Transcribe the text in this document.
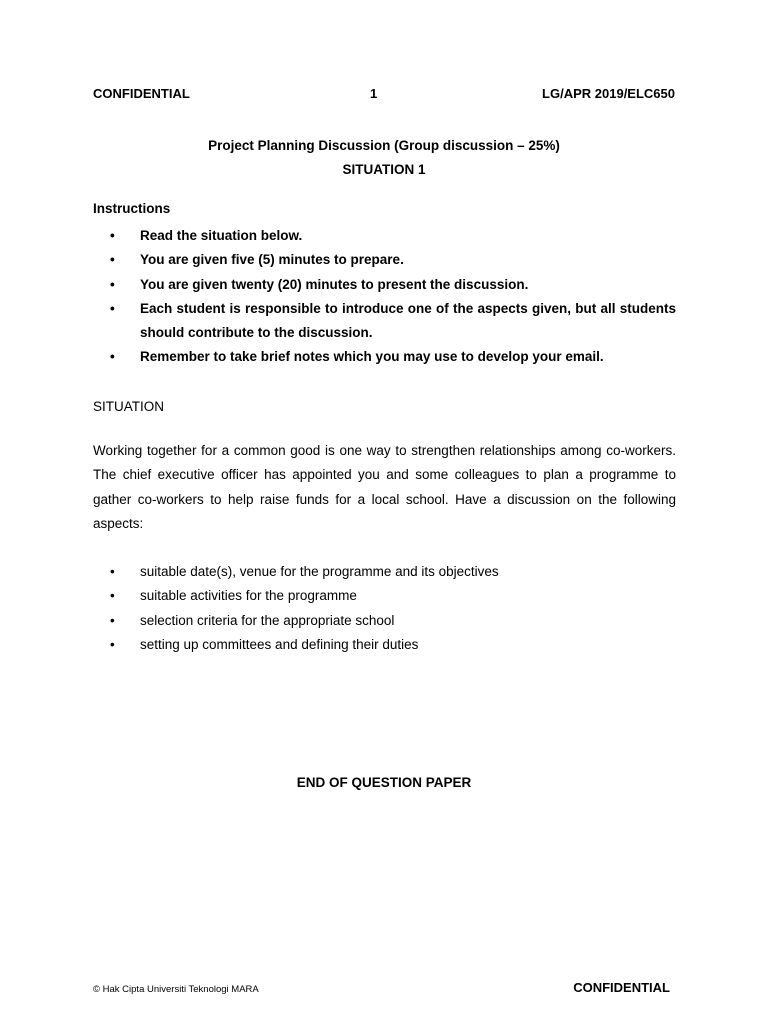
CONFIDENTIAL	1	LG/APR 2019/ELC650
Project Planning Discussion (Group discussion – 25%)
SITUATION 1
Instructions
• Read the situation below.
• You are given five (5) minutes to prepare.
• You are given twenty (20) minutes to present the discussion.
• Each student is responsible to introduce one of the aspects given, but all students should contribute to the discussion.
• Remember to take brief notes which you may use to develop your email.
SITUATION

Working together for a common good is one way to strengthen relationships among co-workers. The chief executive officer has appointed you and some colleagues to plan a programme to gather co-workers to help raise funds for a local school. Have a discussion on the following aspects:

• suitable date(s), venue for the programme and its objectives
• suitable activities for the programme
• selection criteria for the appropriate school
• setting up committees and defining their duties
END OF QUESTION PAPER
© Hak Cipta Universiti Teknologi MARA	CONFIDENTIAL
